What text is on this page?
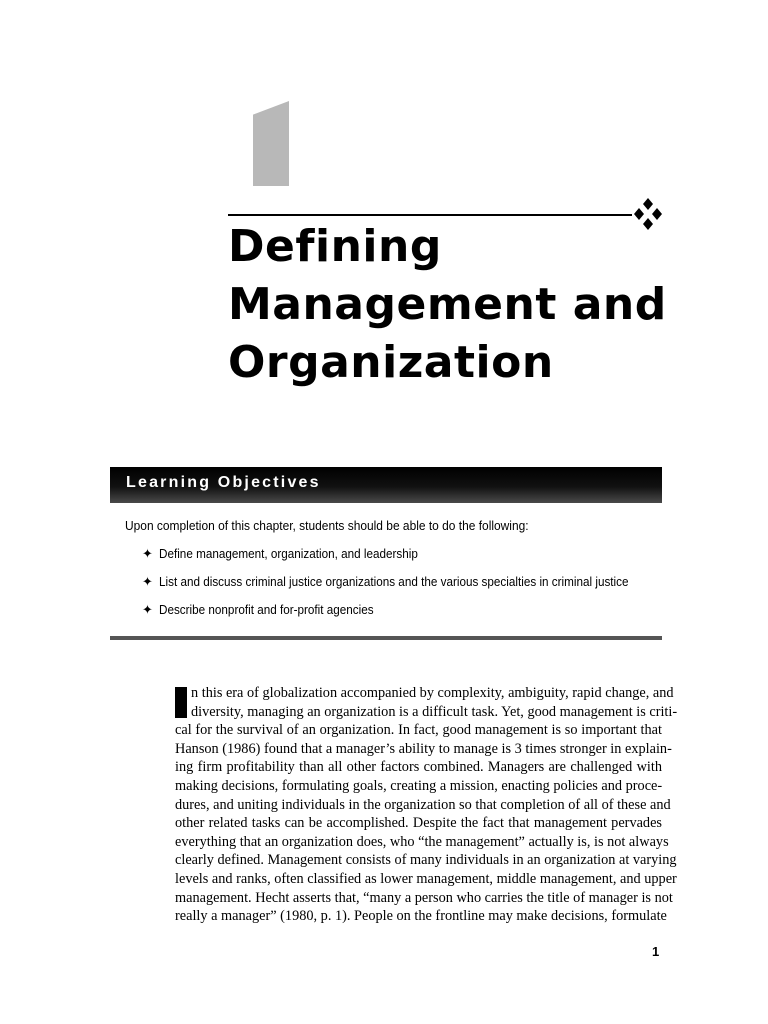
Defining
Management and
Organization
Learning Objectives
Upon completion of this chapter, students should be able to do the following:
✦ Define management, organization, and leadership
✦ List and discuss criminal justice organizations and the various specialties in criminal justice
✦ Describe nonprofit and for-profit agencies
n this era of globalization accompanied by complexity, ambiguity, rapid change, and
diversity, managing an organization is a difficult task. Yet, good management is criti-
cal for the survival of an organization. In fact, good management is so important that
Hanson (1986) found that a manager’s ability to manage is 3 times stronger in explain-
ing firm profitability than all other factors combined. Managers are challenged with
making decisions, formulating goals, creating a mission, enacting policies and proce-
dures, and uniting individuals in the organization so that completion of all of these and
other related tasks can be accomplished. Despite the fact that management pervades
everything that an organization does, who “the management” actually is, is not always
clearly defined. Management consists of many individuals in an organization at varying
levels and ranks, often classified as lower management, middle management, and upper
management. Hecht asserts that, “many a person who carries the title of manager is not
really a manager” (1980, p. 1). People on the frontline may make decisions, formulate
1
